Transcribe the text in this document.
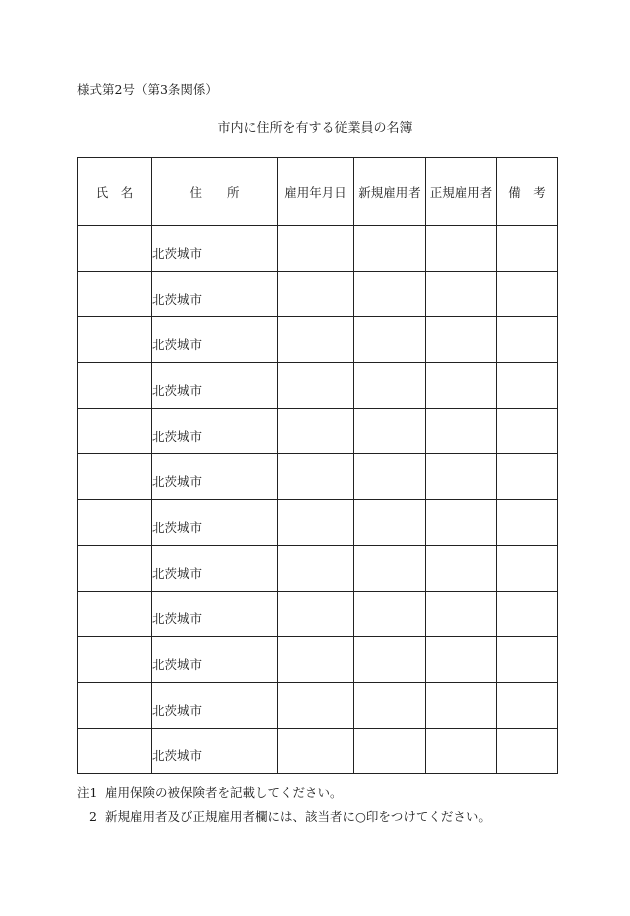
様式第2号（第3条関係）
市内に住所を有する従業員の名簿
氏　名	住　　所	雇用年月日	新規雇用者	正規雇用者	備　考

	北茨城市				

	北茨城市				

	北茨城市				

	北茨城市				

	北茨城市				

	北茨城市				

	北茨城市				

	北茨城市				

	北茨城市				

	北茨城市				

	北茨城市				

	北茨城市				

注1 雇用保険の被保険者を記載してください。
2 新規雇用者及び正規雇用者欄には、該当者に○印をつけてください。
